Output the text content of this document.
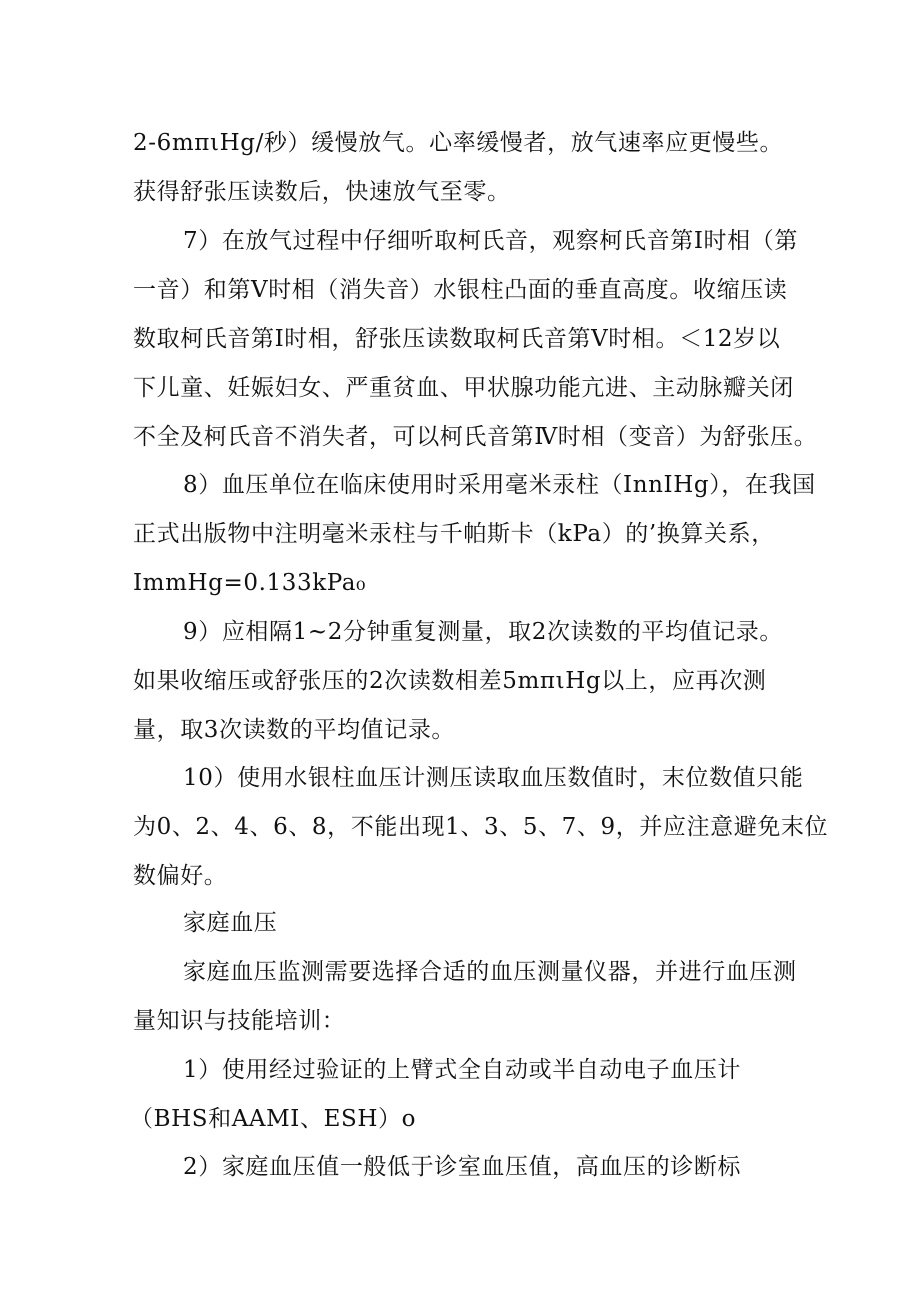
2-6mπιHg/秒）缓慢放气。心率缓慢者，放气速率应更慢些。
获得舒张压读数后，快速放气至零。
7）在放气过程中仔细听取柯氏音，观察柯氏音第Ⅰ时相（第
一音）和第Ⅴ时相（消失音）水银柱凸面的垂直高度。收缩压读
数取柯氏音第Ⅰ时相，舒张压读数取柯氏音第Ⅴ时相。＜12岁以
下儿童、妊娠妇女、严重贫血、甲状腺功能亢进、主动脉瓣关闭
不全及柯氏音不消失者，可以柯氏音第Ⅳ时相（变音）为舒张压。
8）血压单位在临床使用时采用毫米汞柱（InnIHg），在我国
正式出版物中注明毫米汞柱与千帕斯卡（kPa）的’换算关系，
ImmHg=0.133kPa₀
9）应相隔1~2分钟重复测量，取2次读数的平均值记录。
如果收缩压或舒张压的2次读数相差5mπιHg以上，应再次测
量，取3次读数的平均值记录。
10）使用水银柱血压计测压读取血压数值时，末位数值只能
为0、2、4、6、8，不能出现1、3、5、7、9，并应注意避免末位
数偏好。
家庭血压
家庭血压监测需要选择合适的血压测量仪器，并进行血压测
量知识与技能培训：
1）使用经过验证的上臂式全自动或半自动电子血压计
（BHS和AAMI、ESH）o
2）家庭血压值一般低于诊室血压值，高血压的诊断标
